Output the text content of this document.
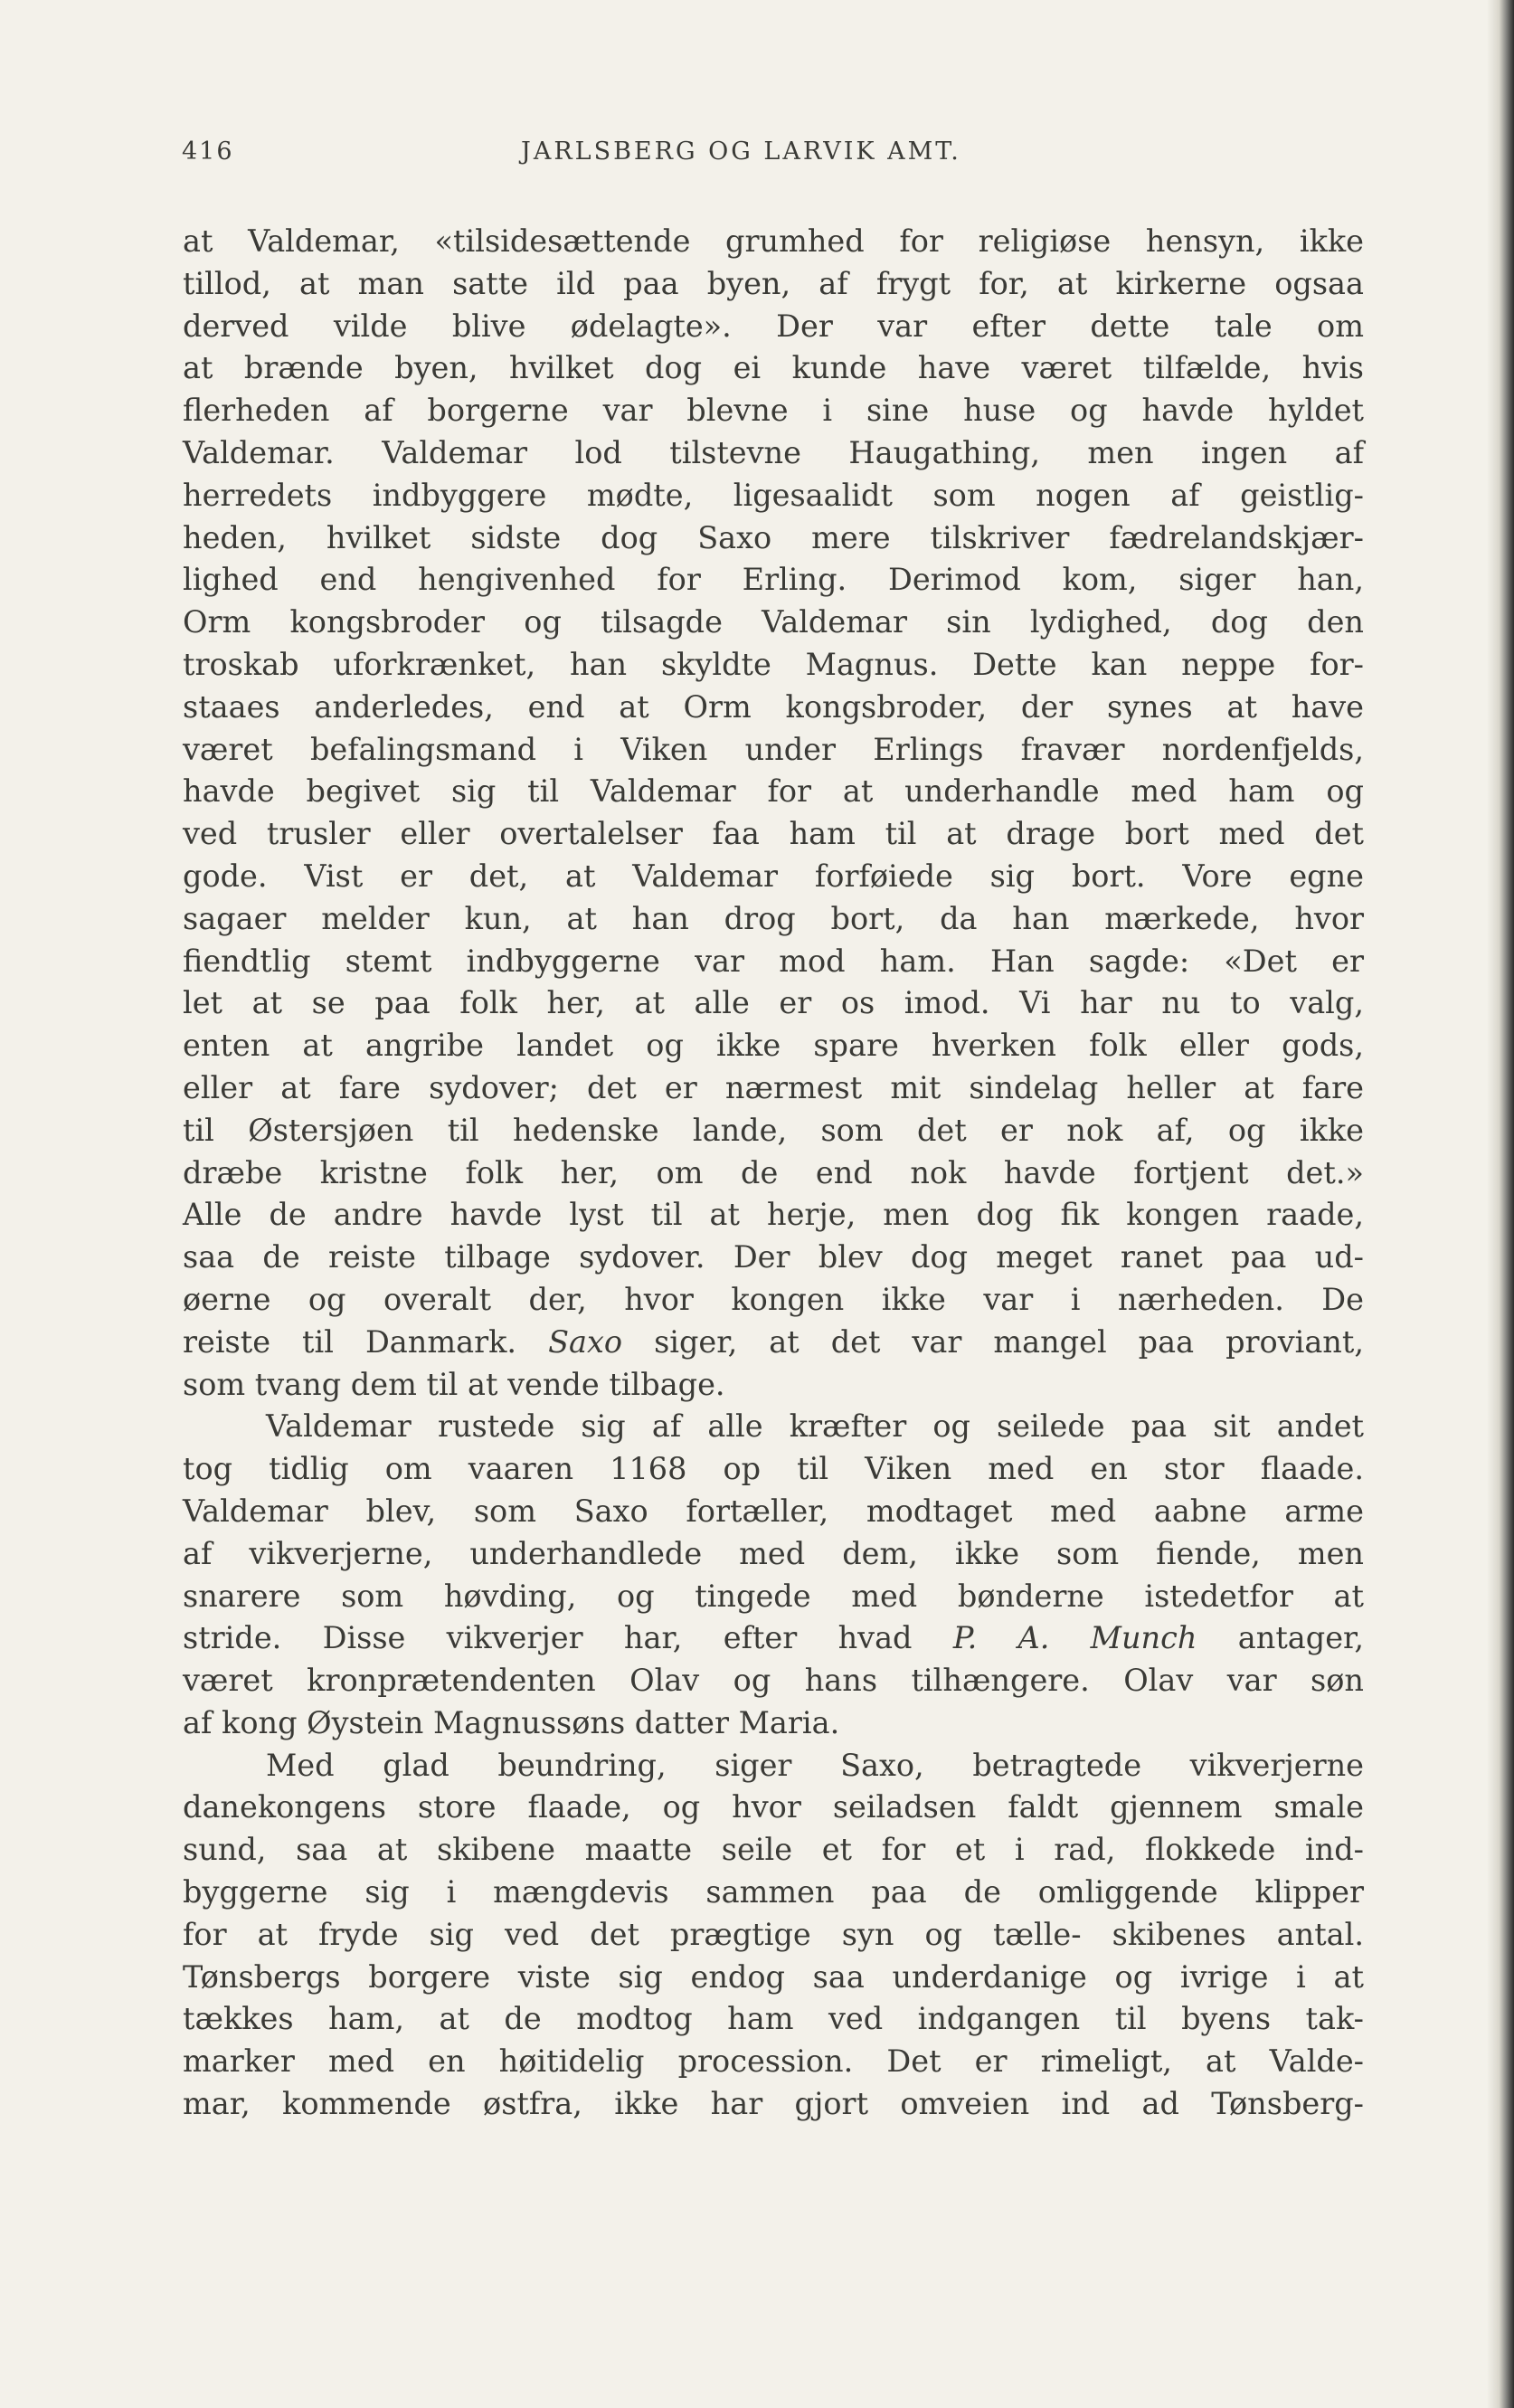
416	JARLSBERG OG LARVIK AMT.
at Valdemar, «tilsidesættende grumhed for religiøse hensyn, ikke
tillod, at man satte ild paa byen, af frygt for, at kirkerne ogsaa
derved vilde blive ødelagte». Der var efter dette tale om
at brænde byen, hvilket dog ei kunde have været tilfælde, hvis
flerheden af borgerne var blevne i sine huse og havde hyldet
Valdemar. Valdemar lod tilstevne Haugathing, men ingen af
herredets indbyggere mødte, ligesaalidt som nogen af geistlig-
heden, hvilket sidste dog Saxo mere tilskriver fædrelandskjær-
lighed end hengivenhed for Erling. Derimod kom, siger han,
Orm kongsbroder og tilsagde Valdemar sin lydighed, dog den
troskab uforkrænket, han skyldte Magnus. Dette kan neppe for-
staaes anderledes, end at Orm kongsbroder, der synes at have
været befalingsmand i Viken under Erlings fravær nordenfjelds,
havde begivet sig til Valdemar for at underhandle med ham og
ved trusler eller overtalelser faa ham til at drage bort med det
gode. Vist er det, at Valdemar forføiede sig bort. Vore egne
sagaer melder kun, at han drog bort, da han mærkede, hvor
fiendtlig stemt indbyggerne var mod ham. Han sagde: «Det er
let at se paa folk her, at alle er os imod. Vi har nu to valg,
enten at angribe landet og ikke spare hverken folk eller gods,
eller at fare sydover; det er nærmest mit sindelag heller at fare
til Østersjøen til hedenske lande, som det er nok af, og ikke
dræbe kristne folk her, om de end nok havde fortjent det.»
Alle de andre havde lyst til at herje, men dog fik kongen raade,
saa de reiste tilbage sydover. Der blev dog meget ranet paa ud-
øerne og overalt der, hvor kongen ikke var i nærheden. De
reiste til Danmark. Saxo siger, at det var mangel paa proviant,
som tvang dem til at vende tilbage.
Valdemar rustede sig af alle kræfter og seilede paa sit andet
tog tidlig om vaaren 1168 op til Viken med en stor flaade.
Valdemar blev, som Saxo fortæller, modtaget med aabne arme
af vikverjerne, underhandlede med dem, ikke som fiende, men
snarere som høvding, og tingede med bønderne istedetfor at
stride. Disse vikverjer har, efter hvad P. A. Munch antager,
været kronprætendenten Olav og hans tilhængere. Olav var søn
af kong Øystein Magnussøns datter Maria.
Med glad beundring, siger Saxo, betragtede vikverjerne
danekongens store flaade, og hvor seiladsen faldt gjennem smale
sund, saa at skibene maatte seile et for et i rad, flokkede ind-
byggerne sig i mængdevis sammen paa de omliggende klipper
for at fryde sig ved det prægtige syn og tælle- skibenes antal.
Tønsbergs borgere viste sig endog saa underdanige og ivrige i at
tækkes ham, at de modtog ham ved indgangen til byens tak-
marker med en høitidelig procession. Det er rimeligt, at Valde-
mar, kommende østfra, ikke har gjort omveien ind ad Tønsberg-
